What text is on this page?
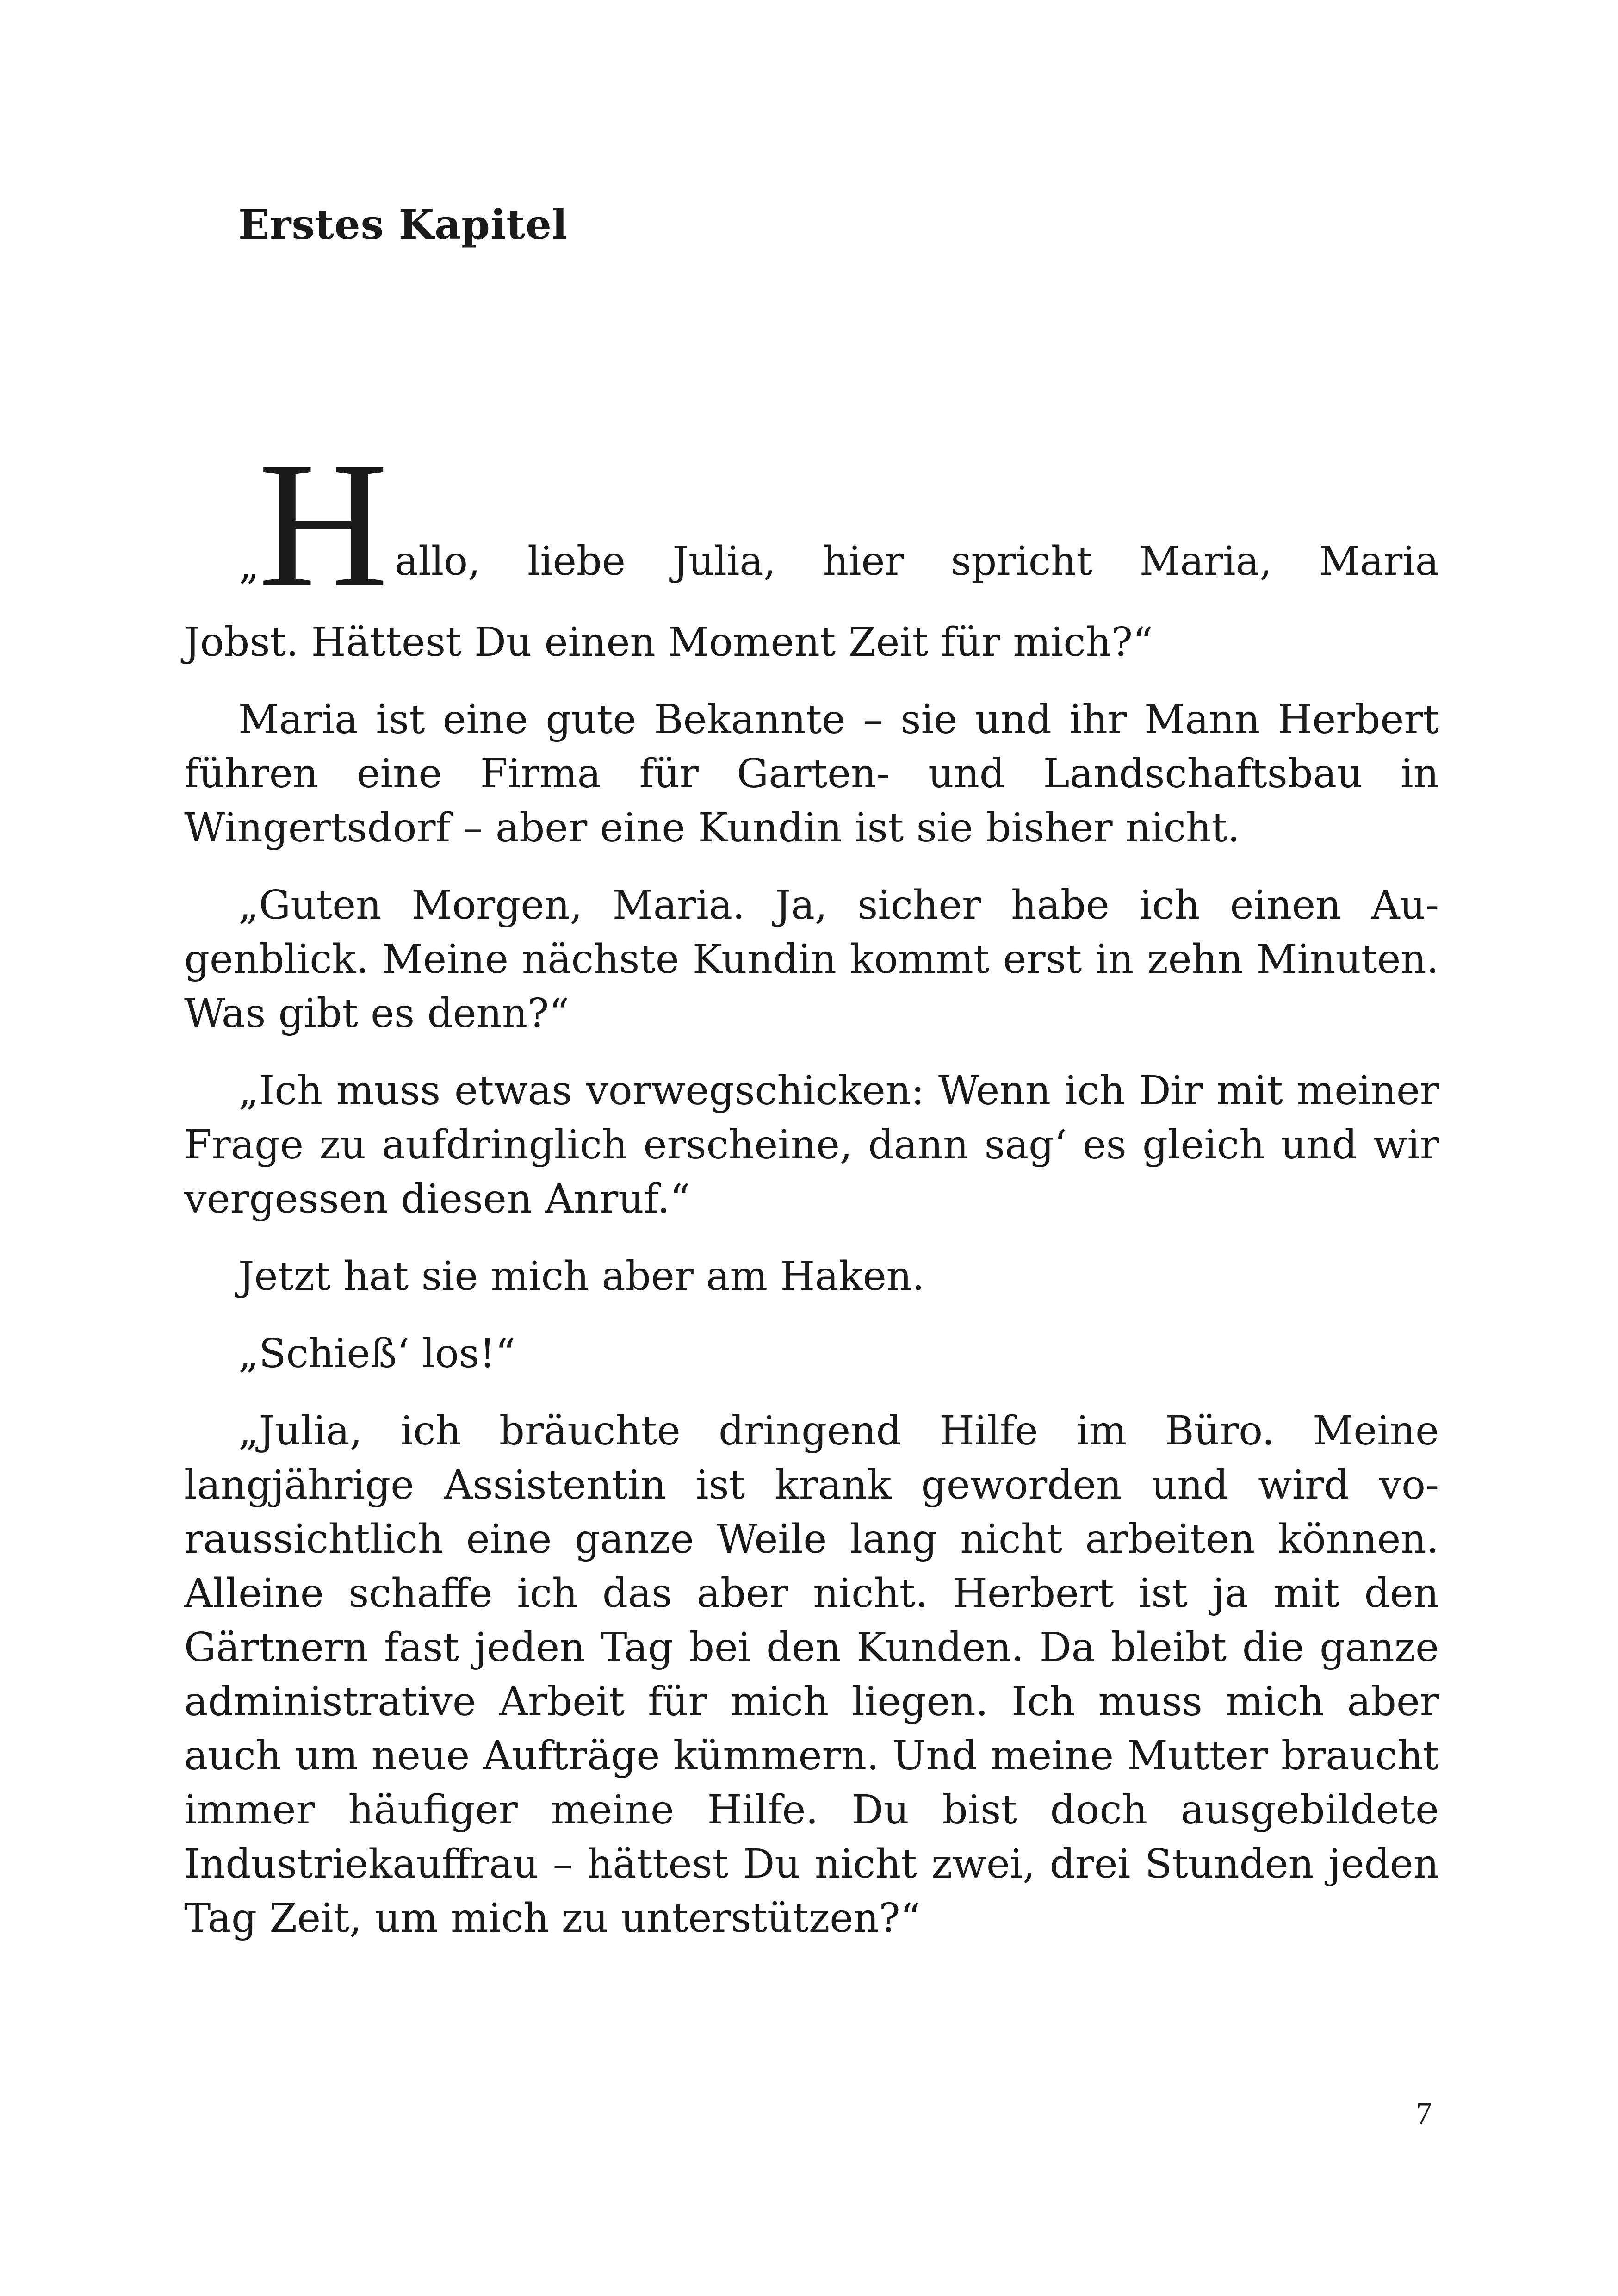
Erstes Kapitel

„
H allo, liebe Julia, hier spricht Maria, Maria
Jobst. Hättest Du einen Moment Zeit für mich?“

Maria ist eine gute Bekannte – sie und ihr Mann Herbert führen eine Firma für Garten- und Landschaftsbau in Wingertsdorf – aber eine Kundin ist sie bisher nicht.

„Guten Morgen, Maria. Ja, sicher habe ich einen Augenblick. Meine nächste Kundin kommt erst in zehn Minuten. Was gibt es denn?“

„Ich muss etwas vorwegschicken: Wenn ich Dir mit meiner Frage zu aufdringlich erscheine, dann sag‘ es gleich und wir vergessen diesen Anruf.“

Jetzt hat sie mich aber am Haken.

„Schieß‘ los!“

„Julia, ich bräuchte dringend Hilfe im Büro. Meine langjährige Assistentin ist krank geworden und wird voraussichtlich eine ganze Weile lang nicht arbeiten können. Alleine schaffe ich das aber nicht. Herbert ist ja mit den Gärtnern fast jeden Tag bei den Kunden. Da bleibt die ganze administrative Arbeit für mich liegen. Ich muss mich aber auch um neue Aufträge kümmern. Und meine Mutter braucht immer häufiger meine Hilfe. Du bist doch ausgebildete Industriekauffrau – hättest Du nicht zwei, drei Stunden jeden Tag Zeit, um mich zu unterstützen?“

7
